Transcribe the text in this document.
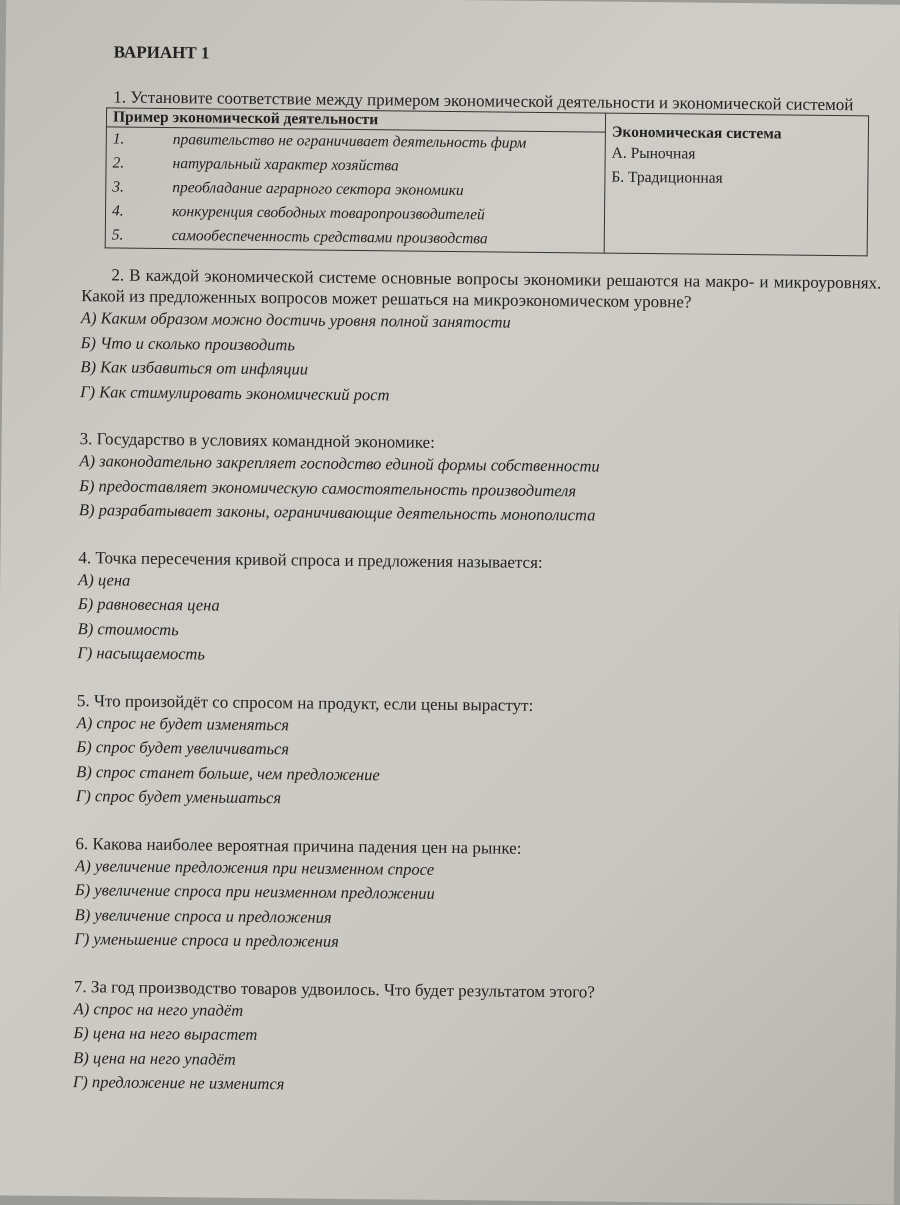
ВАРИАНТ 1

1. Установите соответствие между примером экономической деятельности и экономической системой

Пример экономической деятельности	
Экономическая система
А. Рыночная
Б. Традиционная

1.	правительство не ограничивает деятельность фирм
2.	натуральный характер хозяйства
3.	преобладание аграрного сектора экономики
4.	конкуренция свободных товаропроизводителей
5.	самообеспеченность средствами производства

2. В каждой экономической системе основные вопросы экономики решаются на макро- и микроуровнях. Какой из предложенных вопросов может решаться на микроэкономическом уровне?

А) Каким образом можно достичь уровня полной занятости
Б) Что и сколько производить
В) Как избавиться от инфляции
Г) Как стимулировать экономический рост

3. Государство в условиях командной экономике:

А) законодательно закрепляет господство единой формы собственности
Б) предоставляет экономическую самостоятельность производителя
В) разрабатывает законы, ограничивающие деятельность монополиста

4. Точка пересечения кривой спроса и предложения называется:

А) цена
Б) равновесная цена
В) стоимость
Г) насыщаемость

5. Что произойдёт со спросом на продукт, если цены вырастут:

А) спрос не будет изменяться
Б) спрос будет увеличиваться
В) спрос станет больше, чем предложение
Г) спрос будет уменьшаться

6. Какова наиболее вероятная причина падения цен на рынке:

А) увеличение предложения при неизменном спросе
Б) увеличение спроса при неизменном предложении
В) увеличение спроса и предложения
Г) уменьшение спроса и предложения

7. За год производство товаров удвоилось. Что будет результатом этого?

А) спрос на него упадёт
Б) цена на него вырастет
В) цена на него упадёт
Г) предложение не изменится
